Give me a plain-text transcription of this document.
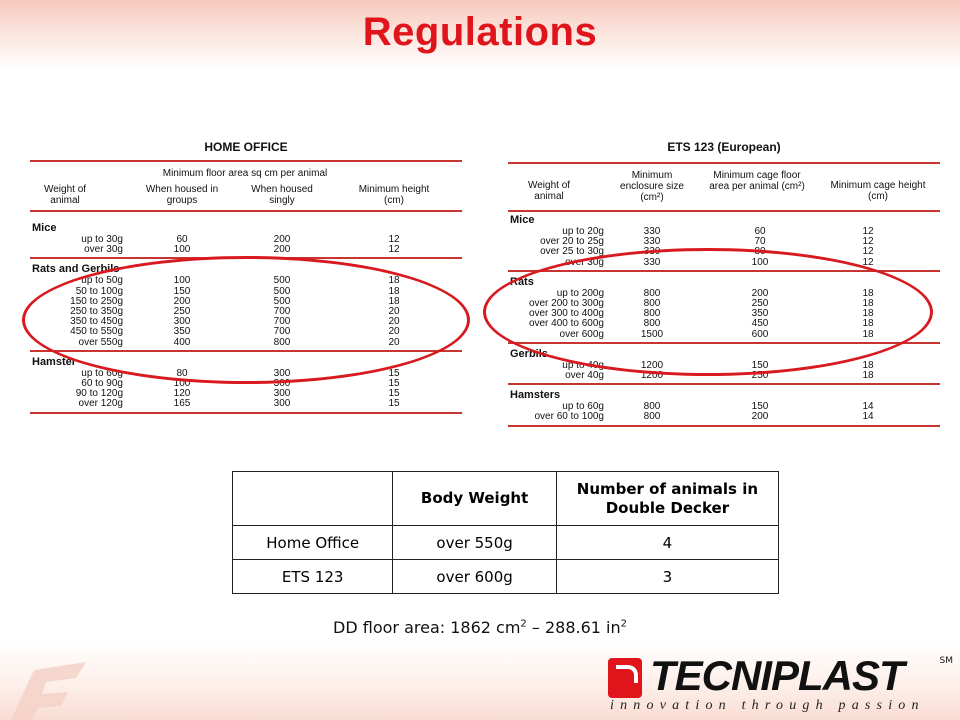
Regulations
HOME OFFICE
Weight of animal
Minimum floor area sq cm per animal
When housed in groups
When housed singly
Minimum height (cm)
Mice
up to 30g	60	200	12
over 30g	100	200	12
Rats and Gerbils
up to 50g	100	500	18
50 to 100g	150	500	18
150 to 250g	200	500	18
250 to 350g	250	700	20
350 to 450g	300	700	20
450 to 550g	350	700	20
over 550g	400	800	20
Hamster
up to 60g	80	300	15
60 to 90g	100	300	15
90 to 120g	120	300	15
over 120g	165	300	15
ETS 123 (European)
Weight of animal
Minimum enclosure size (cm²)
Minimum cage floor area per animal (cm²)	Minimum cage height (cm)
Mice
up to 20g	330	60	12
over 20 to 25g	330	70	12
over 25 to 30g	330	80	12
over 30g	330	100	12
Rats
up to 200g	800	200	18
over 200 to 300g	800	250	18
over 300 to 400g	800	350	18
over 400 to 600g	800	450	18
over 600g	1500	600	18
Gerbils
up to 40g	1200	150	18
over 40g	1200	250	18
Hamsters
up to 60g	800	150	14
over 60 to 100g	800	200	14
	Body Weight	Number of animals in Double Decker
Home Office	over 550g	4
ETS 123	over 600g	3
DD floor area: 1862 $cm^2 - 288.61$ $in^2$
TECNIPLAST	SM
innovation through passion
